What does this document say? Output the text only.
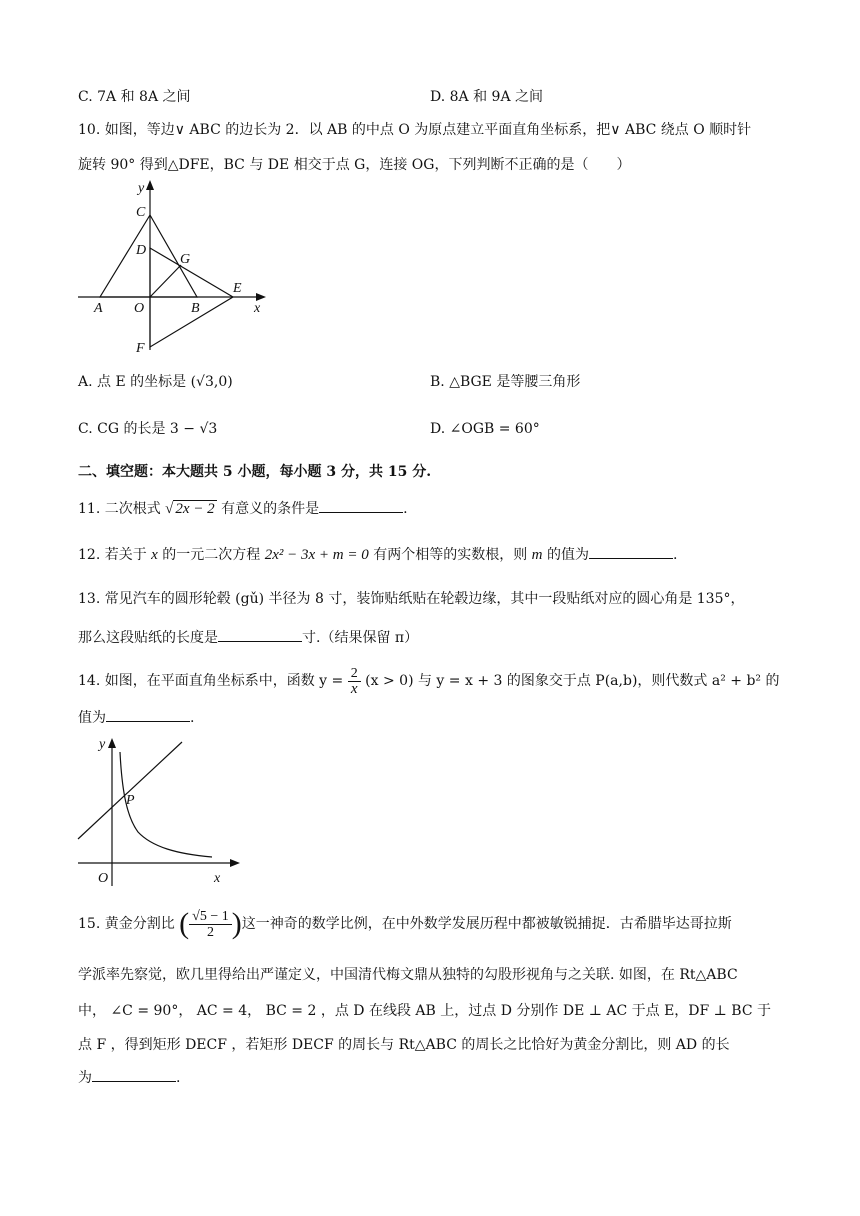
C. 7A 和 8A 之间	D. 8A 和 9A 之间
10. 如图，等边∨ ABC 的边长为 2．以 AB 的中点 O 为原点建立平面直角坐标系，把∨ ABC 绕点 O 顺时针
旋转 90° 得到△DFE，BC 与 DE 相交于点 G，连接 OG，下列判断不正确的是（　　）
y
C
D
G
E
A O	B	x
F
A. 点 E 的坐标是 (√3,0)	B. △BGE 是等腰三角形
C. CG 的长是 3 − √3	D. ∠OGB = 60°
二、填空题：本大题共 5 小题，每小题 3 分，共 15 分.
11. 二次根式 √ 2x − 2 有意义的条件是	.
12. 若关于 x 的一元二次方程 2x² − 3x + m = 0 有两个相等的实数根，则 m 的值为	.
13. 常见汽车的圆形轮毂 (gǔ) 半径为 8 寸，装饰贴纸贴在轮毂边缘，其中一段贴纸对应的圆心角是 135°，
那么这段贴纸的长度是	寸.（结果保留 π）
14. 如图，在平面直角坐标系中，函数 $y = \frac{2}{x} (x > 0)$ 与 y = x + 3 的图象交于点 P(a,b)，则代数式 a² + b² 的
值为	.
y
P
O	x
15. 黄金分割比 ( $\frac{√5 - 1}{2}$ )这一神奇的数学比例，在中外数学发展历程中都被敏锐捕捉．古希腊毕达哥拉斯
学派率先察觉，欧几里得给出严谨定义，中国清代梅文鼎从独特的勾股形视角与之关联. 如图，在 Rt△ABC
中， ∠C = 90°， AC = 4， BC = 2 ，点 D 在线段 AB 上，过点 D 分别作 DE ⊥ AC 于点 E，DF ⊥ BC 于
点 F ，得到矩形 DECF ，若矩形 DECF 的周长与 Rt△ABC 的周长之比恰好为黄金分割比，则 AD 的长
为	.
